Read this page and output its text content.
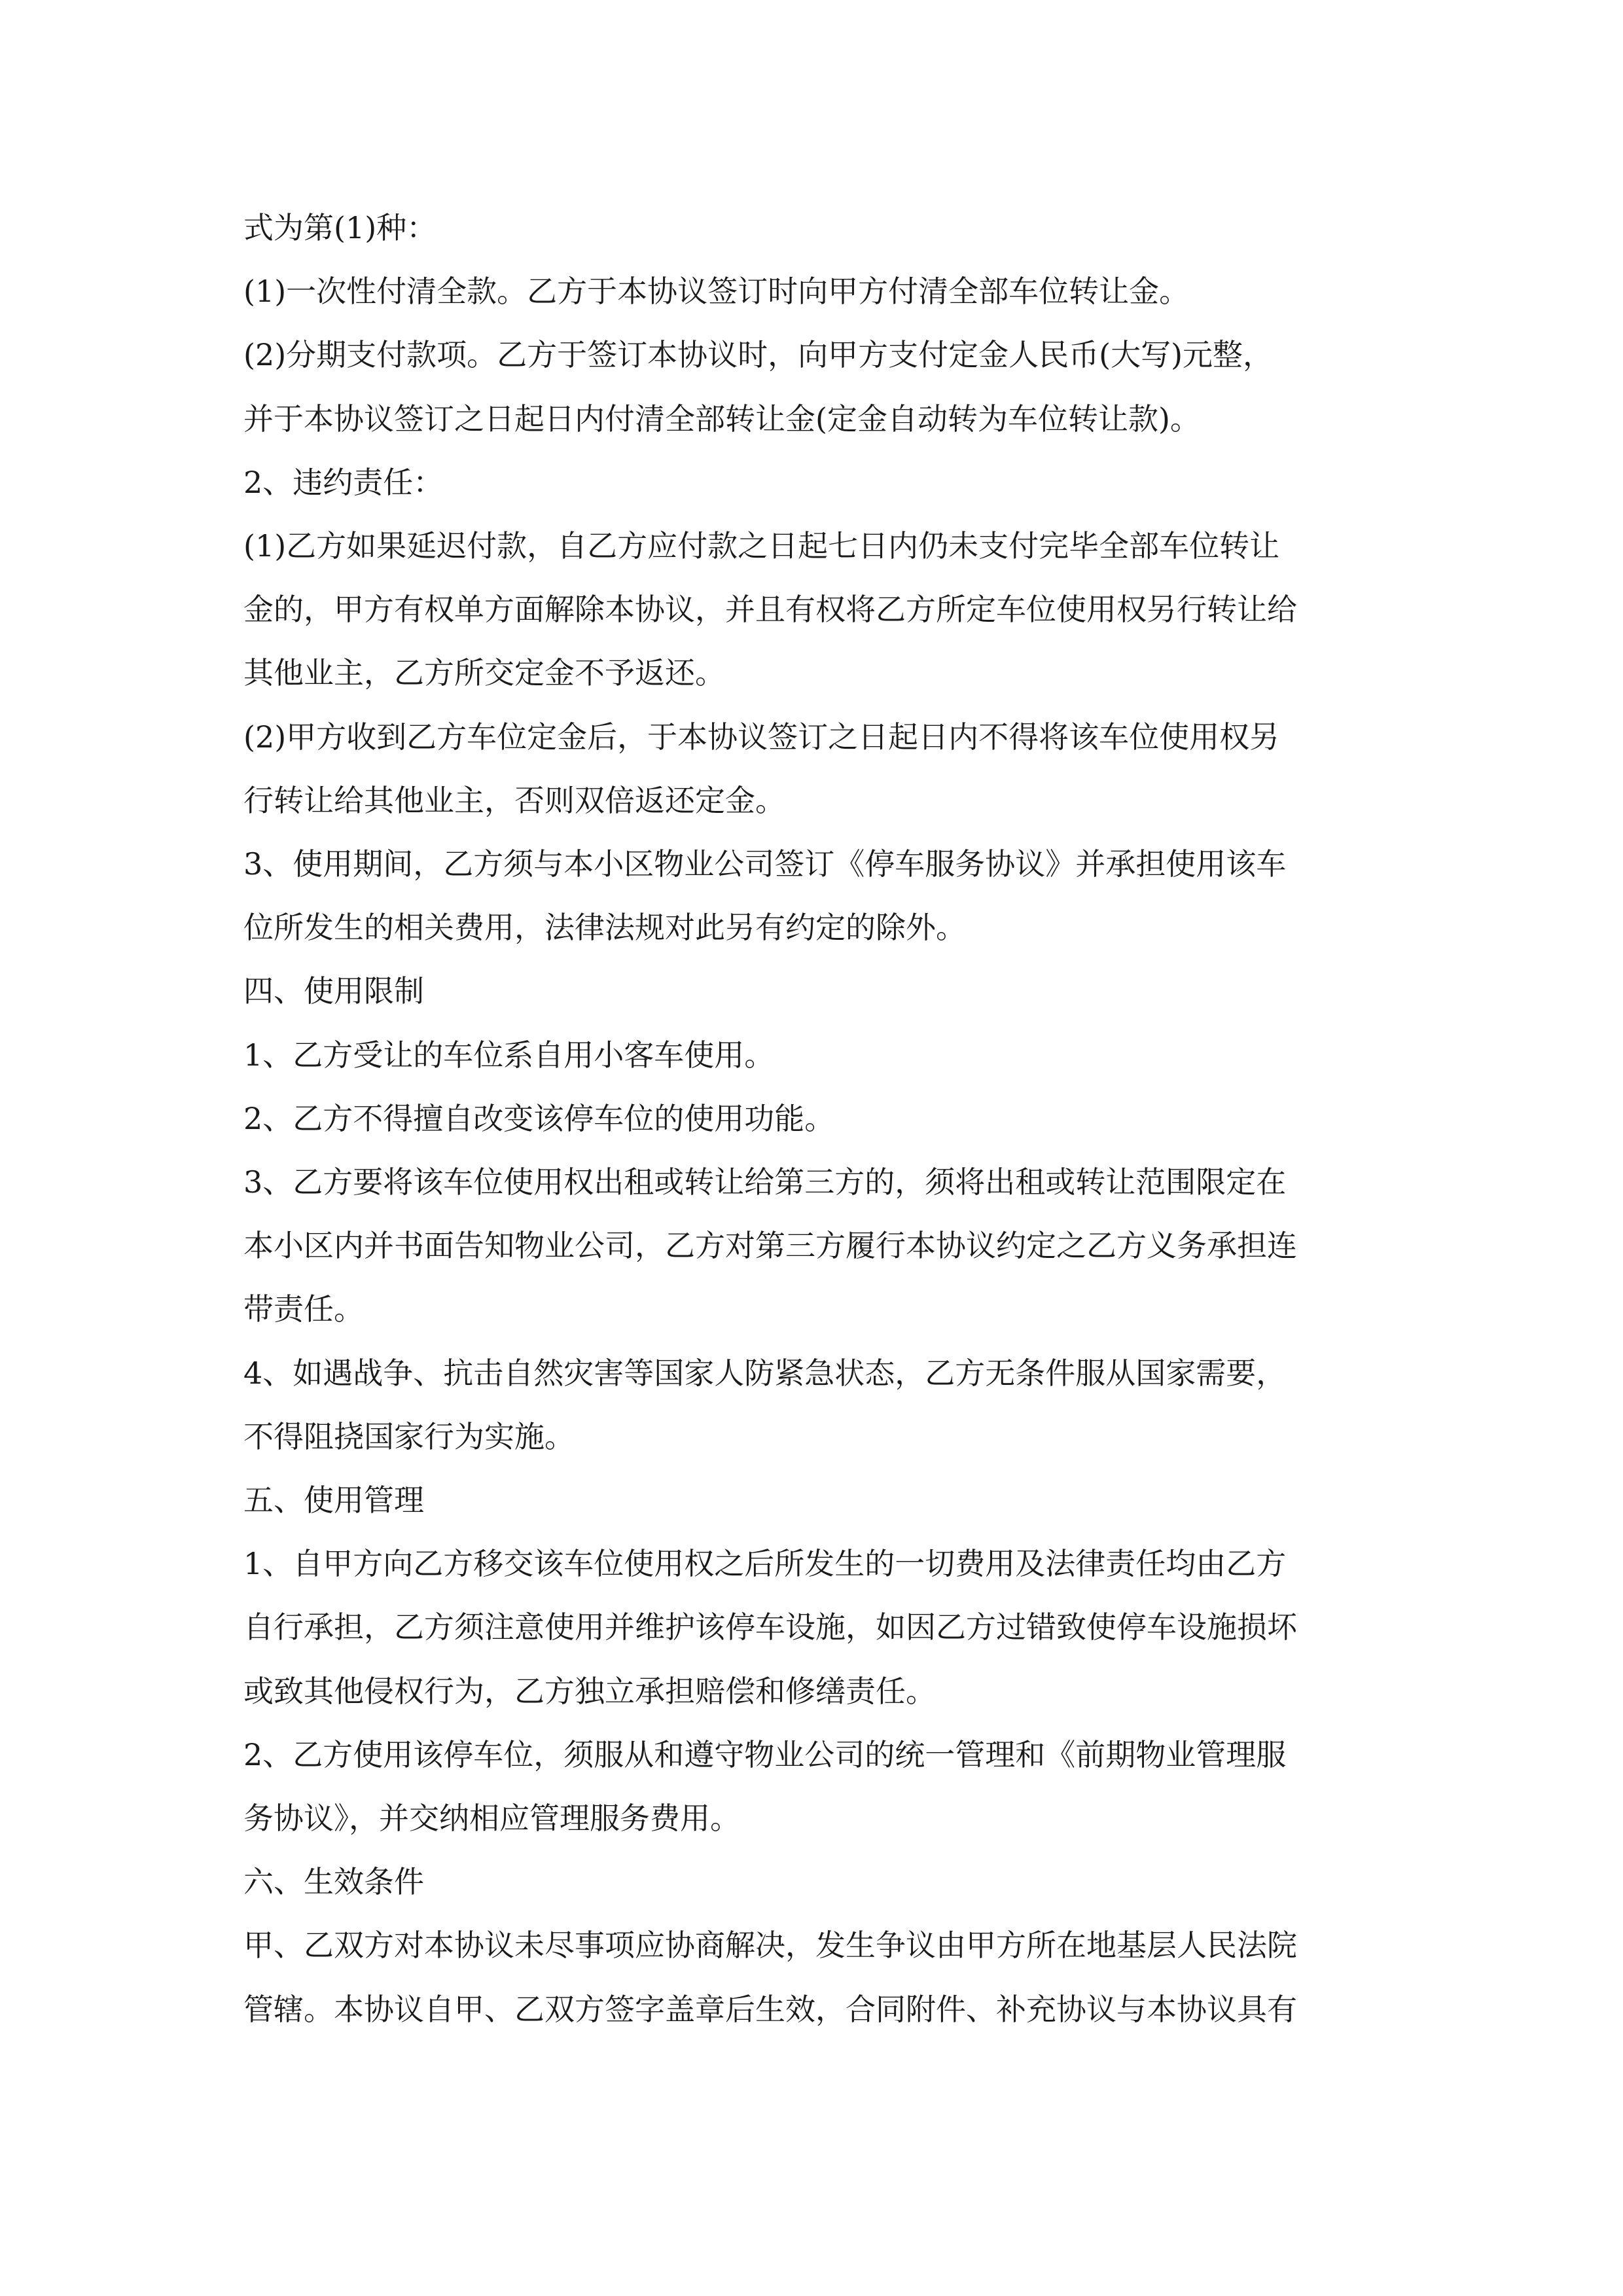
式为第(1)种：

(1)一次性付清全款。乙方于本协议签订时向甲方付清全部车位转让金。

(2)分期支付款项。乙方于签订本协议时，向甲方支付定金人民币(大写)元整，

并于本协议签订之日起日内付清全部转让金(定金自动转为车位转让款)。

2、违约责任：

(1)乙方如果延迟付款，自乙方应付款之日起七日内仍未支付完毕全部车位转让

金的，甲方有权单方面解除本协议，并且有权将乙方所定车位使用权另行转让给

其他业主，乙方所交定金不予返还。

(2)甲方收到乙方车位定金后，于本协议签订之日起日内不得将该车位使用权另

行转让给其他业主，否则双倍返还定金。

3、使用期间，乙方须与本小区物业公司签订《停车服务协议》并承担使用该车

位所发生的相关费用，法律法规对此另有约定的除外。

四、使用限制

1、乙方受让的车位系自用小客车使用。

2、乙方不得擅自改变该停车位的使用功能。

3、乙方要将该车位使用权出租或转让给第三方的，须将出租或转让范围限定在

本小区内并书面告知物业公司，乙方对第三方履行本协议约定之乙方义务承担连

带责任。

4、如遇战争、抗击自然灾害等国家人防紧急状态，乙方无条件服从国家需要，

不得阻挠国家行为实施。

五、使用管理

1、自甲方向乙方移交该车位使用权之后所发生的一切费用及法律责任均由乙方

自行承担，乙方须注意使用并维护该停车设施，如因乙方过错致使停车设施损坏

或致其他侵权行为，乙方独立承担赔偿和修缮责任。

2、乙方使用该停车位，须服从和遵守物业公司的统一管理和《前期物业管理服

务协议》，并交纳相应管理服务费用。

六、生效条件

甲、乙双方对本协议未尽事项应协商解决，发生争议由甲方所在地基层人民法院

管辖。本协议自甲、乙双方签字盖章后生效，合同附件、补充协议与本协议具有
